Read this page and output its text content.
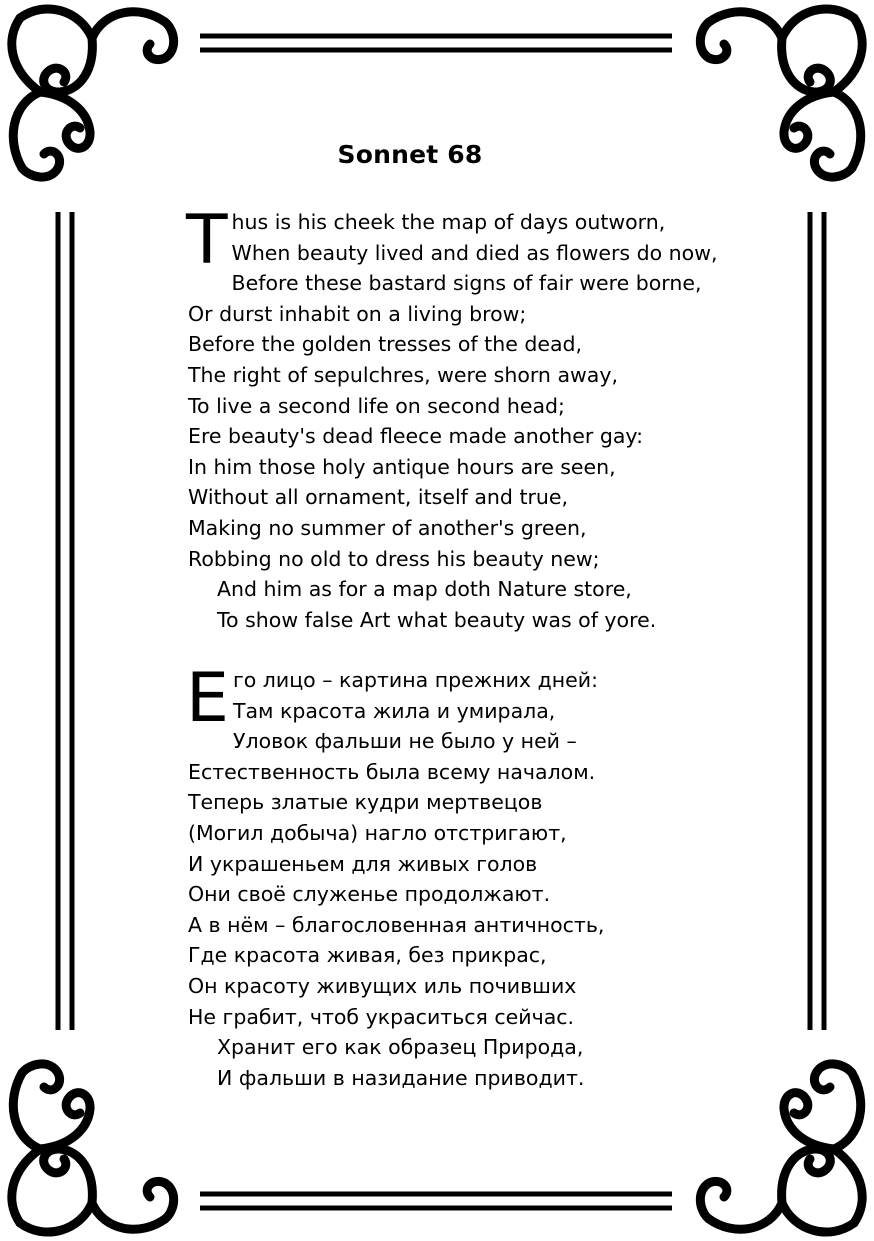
Sonnet 68
Thus is his cheek the map of days outworn,
When beauty lived and died as flowers do now,
Before these bastard signs of fair were borne,
Or durst inhabit on a living brow;
Before the golden tresses of the dead,
The right of sepulchres, were shorn away,
To live a second life on second head;
Ere beauty's dead fleece made another gay:
In him those holy antique hours are seen,
Without all ornament, itself and true,
Making no summer of another's green,
Robbing no old to dress his beauty new;
And him as for a map doth Nature store,
To show false Art what beauty was of yore.
Его лицо – картина прежних дней:
Там красота жила и умирала,
Уловок фальши не было у ней –
Естественность была всему началом.
Теперь златые кудри мертвецов
(Могил добыча) нагло отстригают,
И украшеньем для живых голов
Они своё служенье продолжают.
А в нём – благословенная античность,
Где красота живая, без прикрас,
Он красоту живущих иль почивших
Не грабит, чтоб украситься сейчас.
Хранит его как образец Природа,
И фальши в назидание приводит.
